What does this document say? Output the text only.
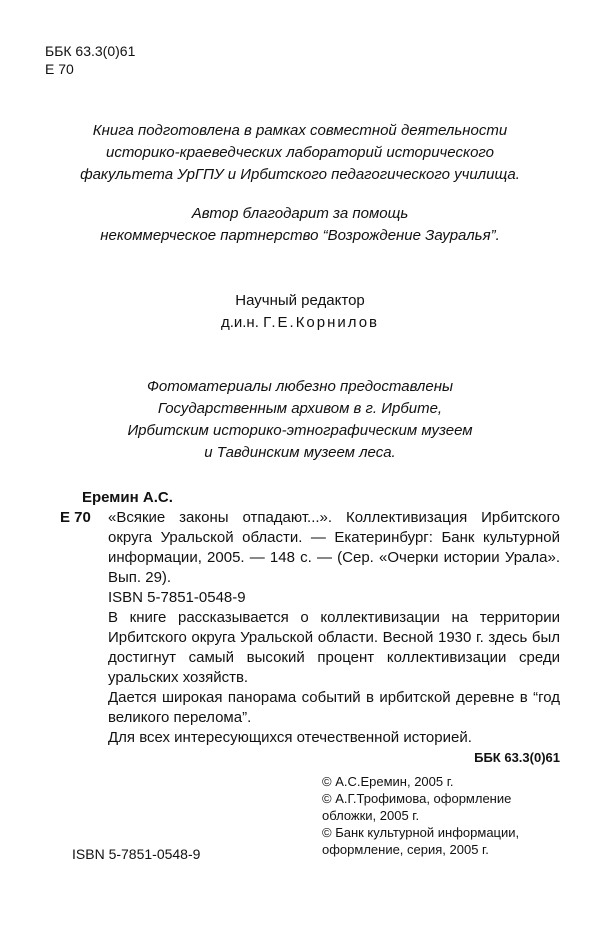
ББК 63.3(0)61
Е 70
Книга подготовлена в рамках совместной деятельности
историко-краеведческих лабораторий исторического
факультета УрГПУ и Ирбитского педагогического училища.
Автор благодарит за помощь
некоммерческое партнерство “Возрождение Зауралья”.
Научный редактор
д.и.н. Г.Е.Корнилов
Фотоматериалы любезно предоставлены
Государственным архивом в г. Ирбите,
Ирбитским историко-этнографическим музеем
и Тавдинским музеем леса.
Еремин А.С.
Е 70	«Всякие законы отпадают...». Коллективизация Ирбитского округа Уральской области. — Екатеринбург: Банк культурной информации, 2005. — 148 с. — (Сер. «Очерки истории Урала». Вып. 29).
ISBN 5-7851-0548-9

В книге рассказывается о коллективизации на территории Ирбитского округа Уральской области. Весной 1930 г. здесь был достигнут самый высокий процент коллективизации среди уральских хозяйств.

Дается широкая панорама событий в ирбитской деревне в “год великого перелома”.

Для всех интересующихся отечественной историей.

ББК 63.3(0)61
© А.С.Еремин, 2005 г.
© А.Г.Трофимова, оформление обложки, 2005 г.
© Банк культурной информации, оформление, серия, 2005 г.
ISBN 5-7851-0548-9
